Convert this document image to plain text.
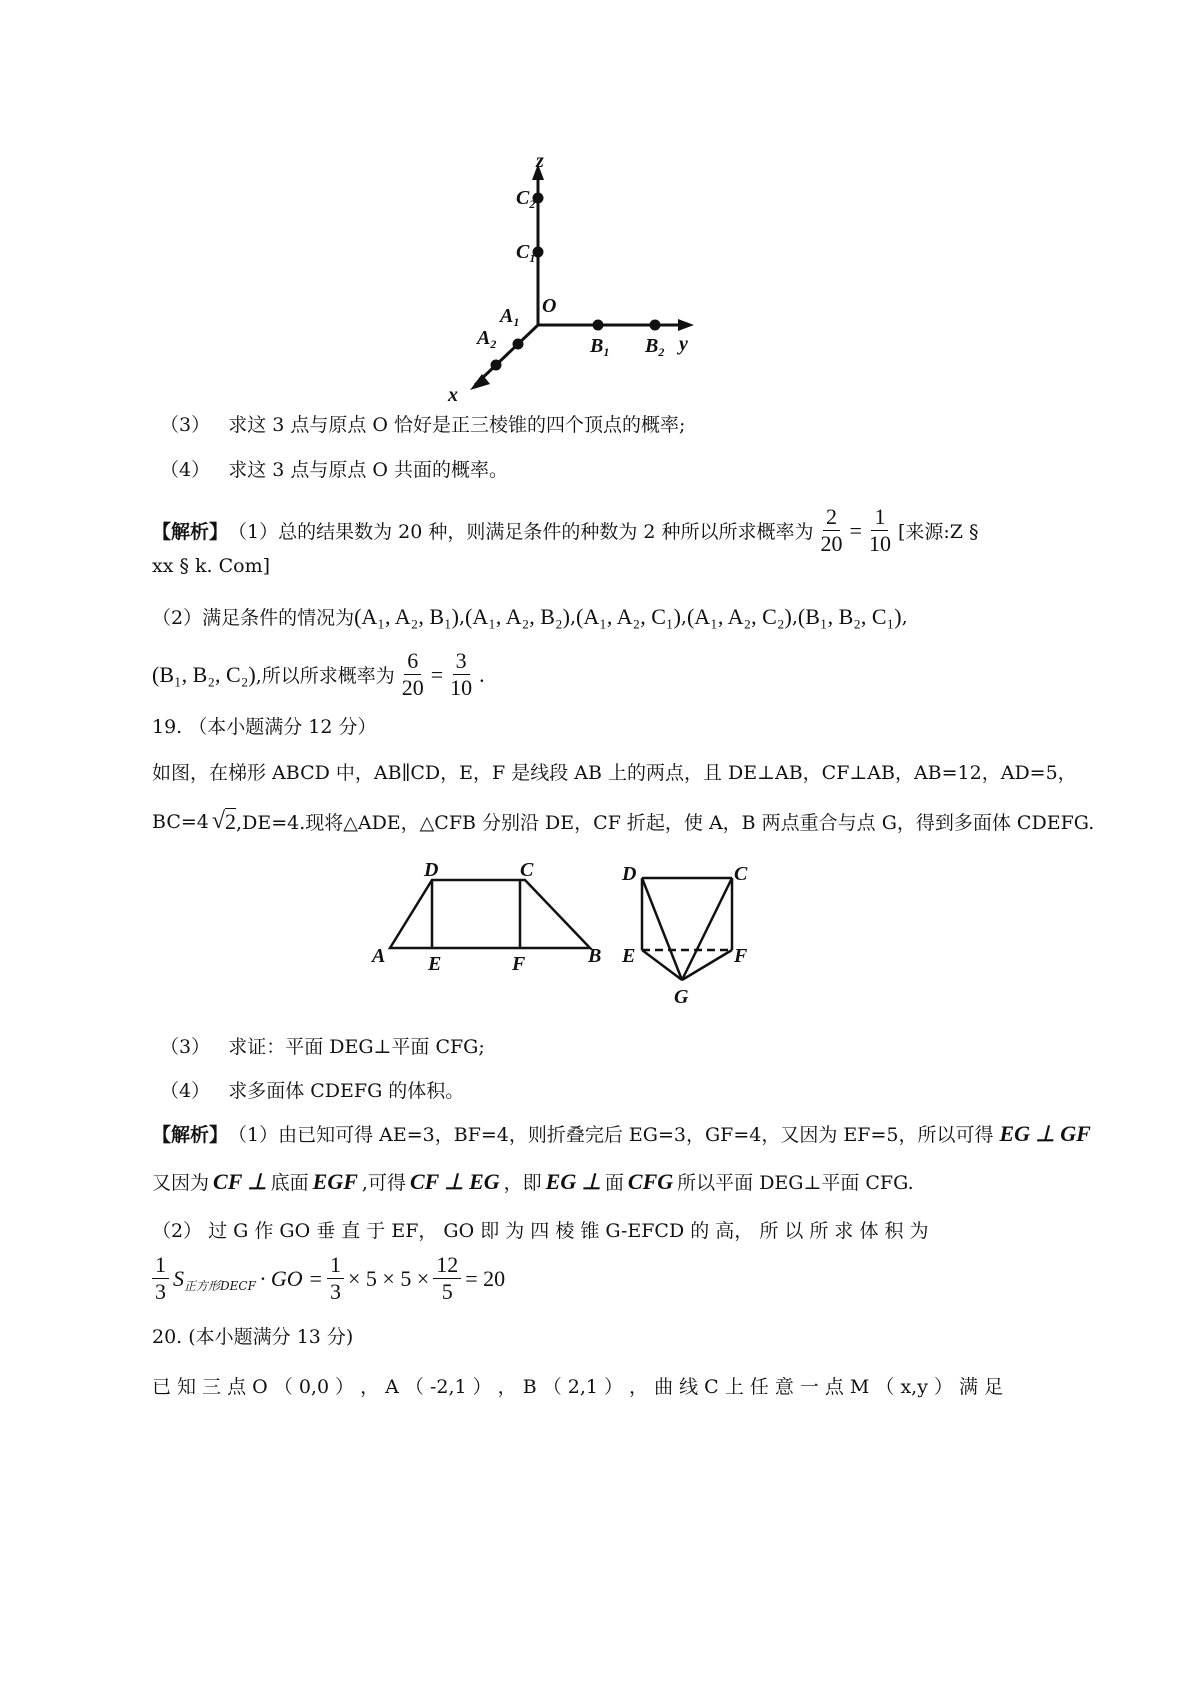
z
$C_2$
$C_1$
O
$A_1$
$A_2$	$B_1$ $B_2$ y
x
（3） 求这 3 点与原点 O 恰好是正三棱锥的四个顶点的概率;
（4） 求这 3 点与原点 O 共面的概率。
【解析】 （1）总的结果数为 20 种，则满足条件的种数为 2 种所以所求概率为 $\frac{2}{20} = \frac{1}{10}$ [来源:Z §
xx § k. Com]
（2）满足条件的情况为 (A₁, A₂, B₁) , (A₁, A₂, B₂) , (A₁, A₂, C₁) , (A₁, A₂, C₂) , (B₁, B₂, C₁) ,
(B₁, B₂, C₂) ,所以所求概率为 $\frac{6}{20} = \frac{3}{10}$ .
19. （本小题满分 12 分）
如图，在梯形 ABCD 中，AB∥CD，E，F 是线段 AB 上的两点，且 DE⊥AB，CF⊥AB，AB=12，AD=5，
BC=4 √ 2 ,DE=4.现将△ADE，△CFB 分别沿 DE，CF 折起，使 A，B 两点重合与点 G，得到多面体 CDEFG.
D	C
A E	F	B
D	C
E	F
G
（3） 求证：平面 DEG⊥平面 CFG;
（4） 求多面体 CDEFG 的体积。
【解析】 （1）由已知可得 AE=3，BF=4，则折叠完后 EG=3，GF=4，又因为 EF=5，所以可得 EG ⊥ GF
又因为 CF ⊥ 底面 EGF ,可得 CF ⊥ EG ，即 EG ⊥ 面 CFG 所以平面 DEG⊥平面 CFG.
（2） 过 G 作 GO 垂 直 于 EF， GO 即 为 四 棱 锥 G-EFCD 的 高， 所 以 所 求 体 积 为
$\frac{1}{3}$ S 正方形DECF · GO = $\frac{1}{3} \times 5 \times 5 \times \frac{12}{5} = 20$
20. (本小题满分 13 分)
已 知 三 点 O （ 0,0 ） ， A （ -2,1 ） ， B （ 2,1 ） ， 曲 线 C 上 任 意 一 点 M （ x,y ） 满 足
